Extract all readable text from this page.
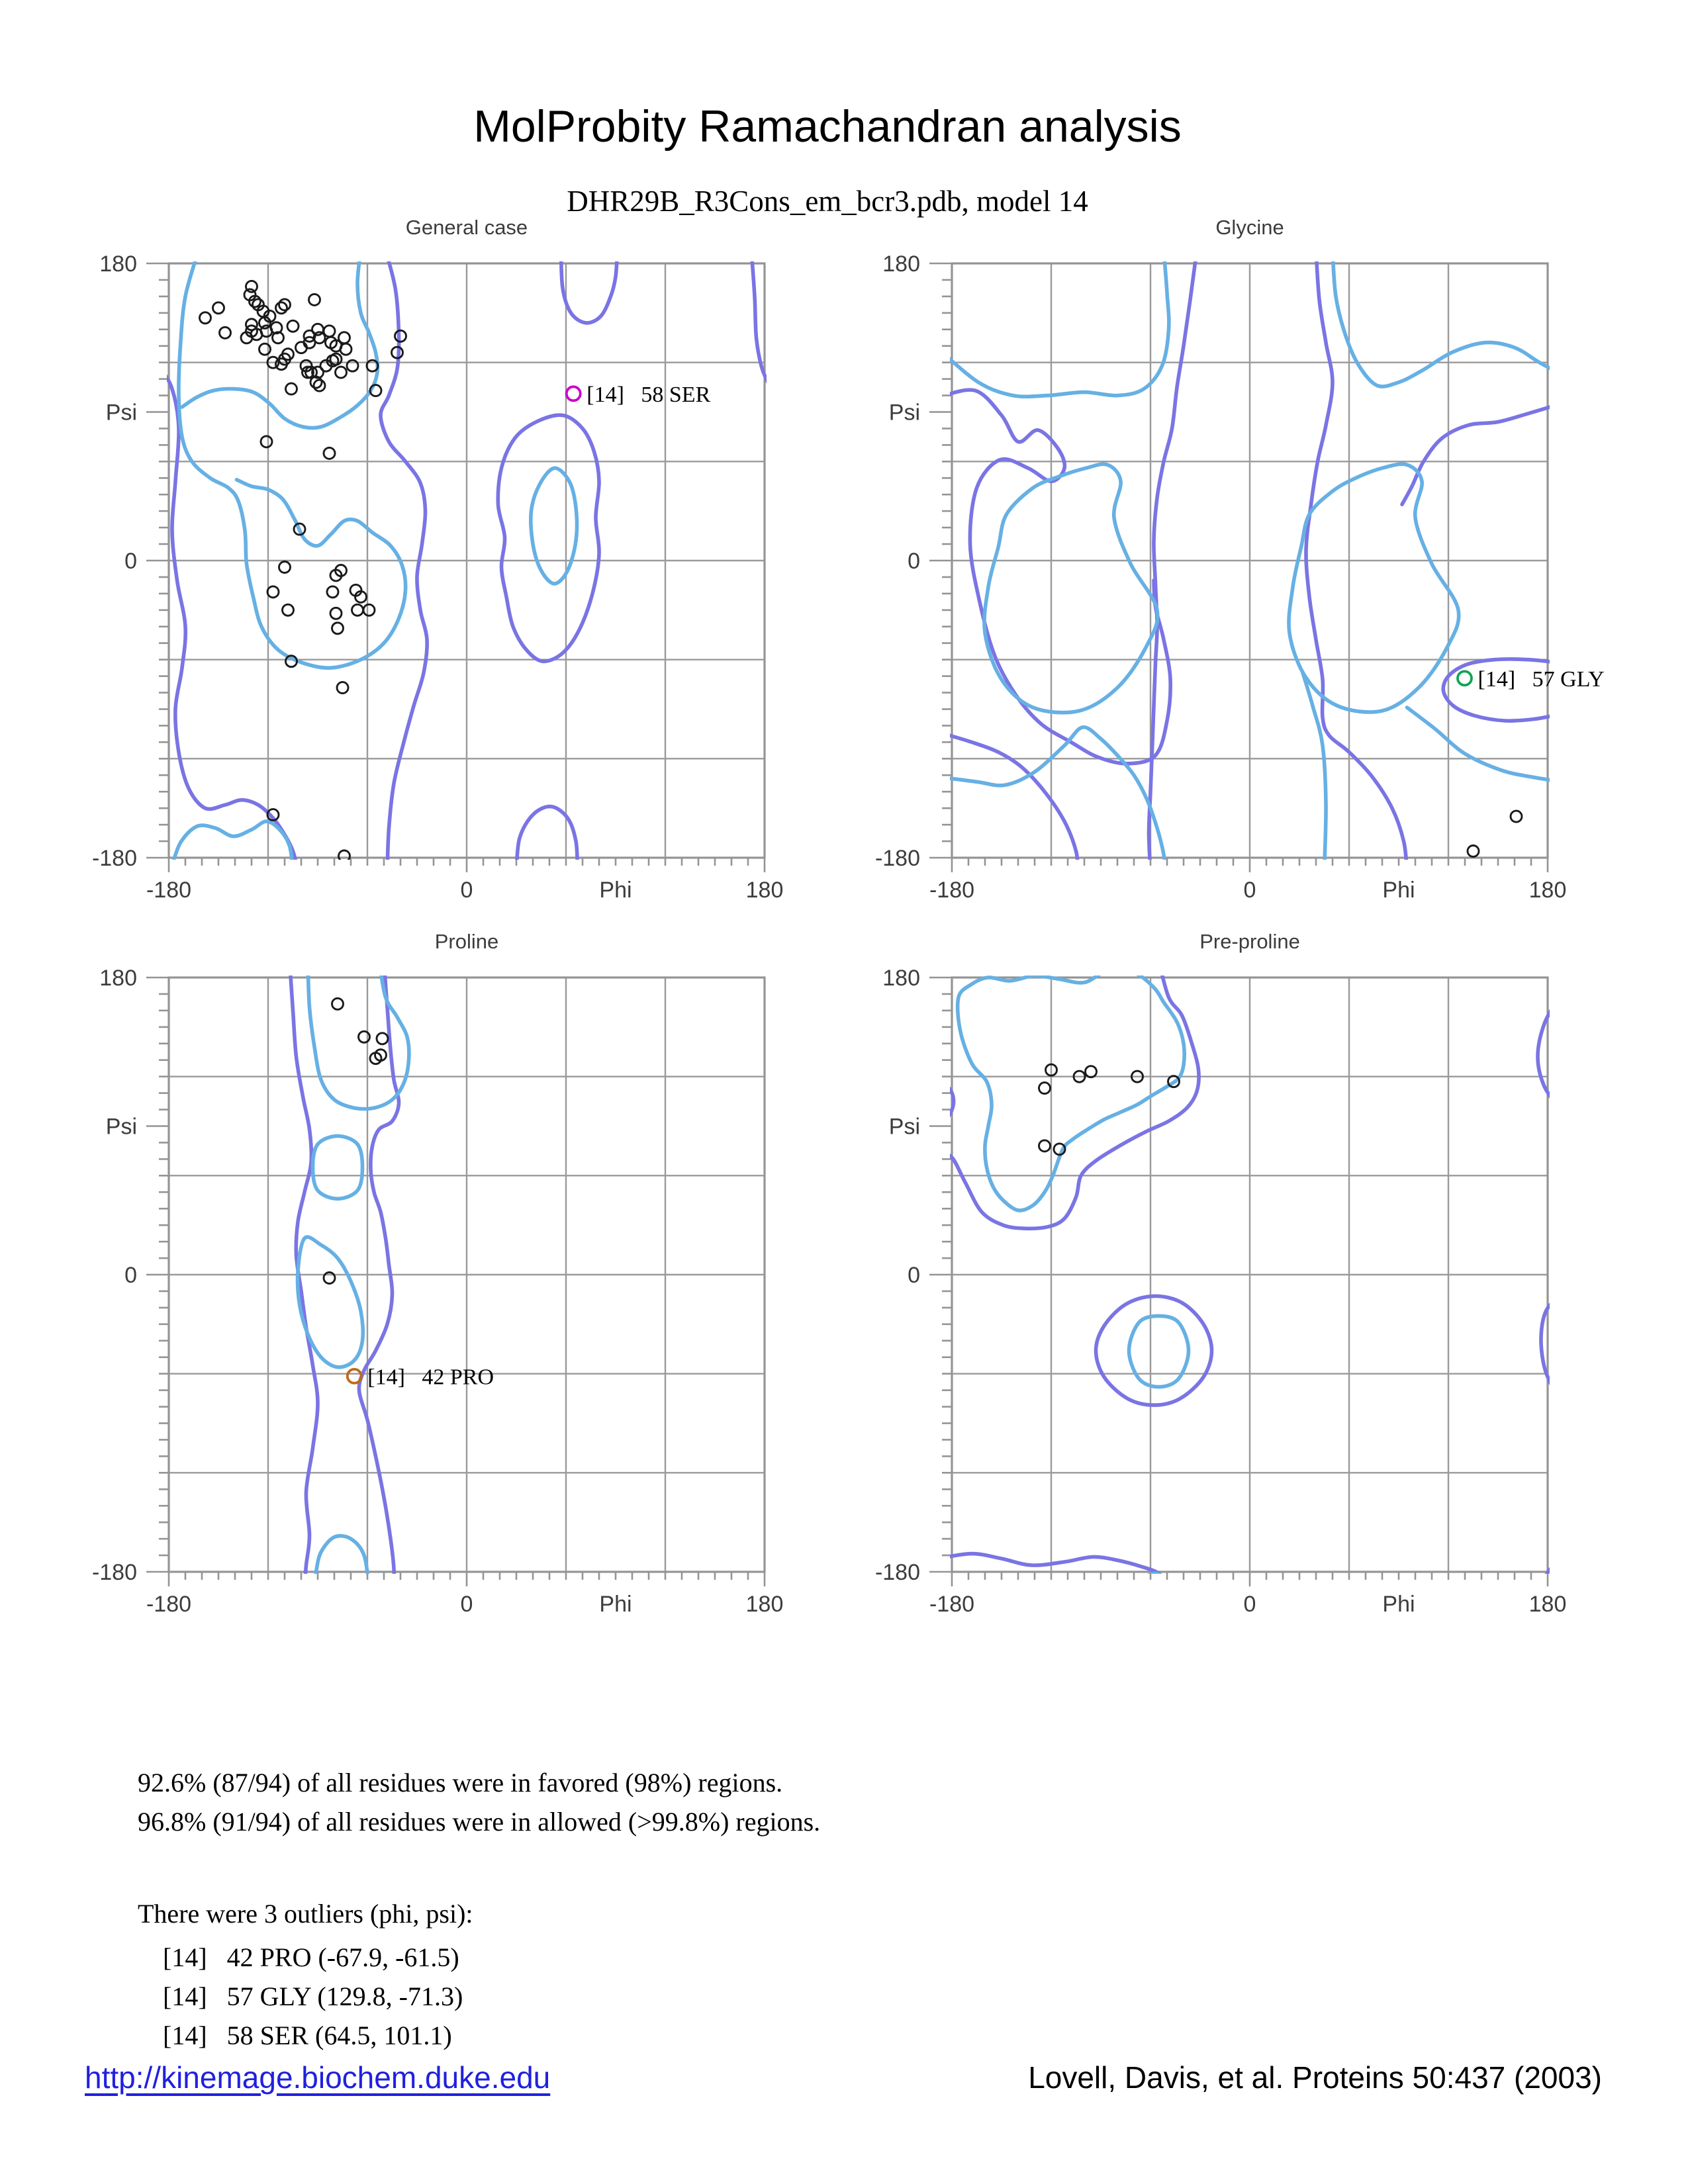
MolProbity Ramachandran analysis
DHR29B_R3Cons_em_bcr3.pdb, model 14
General case
180
Psi
0
-180
-180	0	Phi	180
[14]   58 SER
Glycine
180
Psi
0
-180
-180	0	Phi	180
[14]   57 GLY
Proline
180
Psi
0
-180
-180	0	Phi	180
[14]   42 PRO
Pre-proline
180
Psi
0
-180
-180	0	Phi	180
92.6% (87/94) of all residues were in favored (98%) regions.
96.8% (91/94) of all residues were in allowed (>99.8%) regions.
There were 3 outliers (phi, psi):
[14]   42 PRO (-67.9, -61.5)
[14]   57 GLY (129.8, -71.3)
[14]   58 SER (64.5, 101.1)
http://kinemage.biochem.duke.edu	Lovell, Davis, et al. Proteins 50:437 (2003)
